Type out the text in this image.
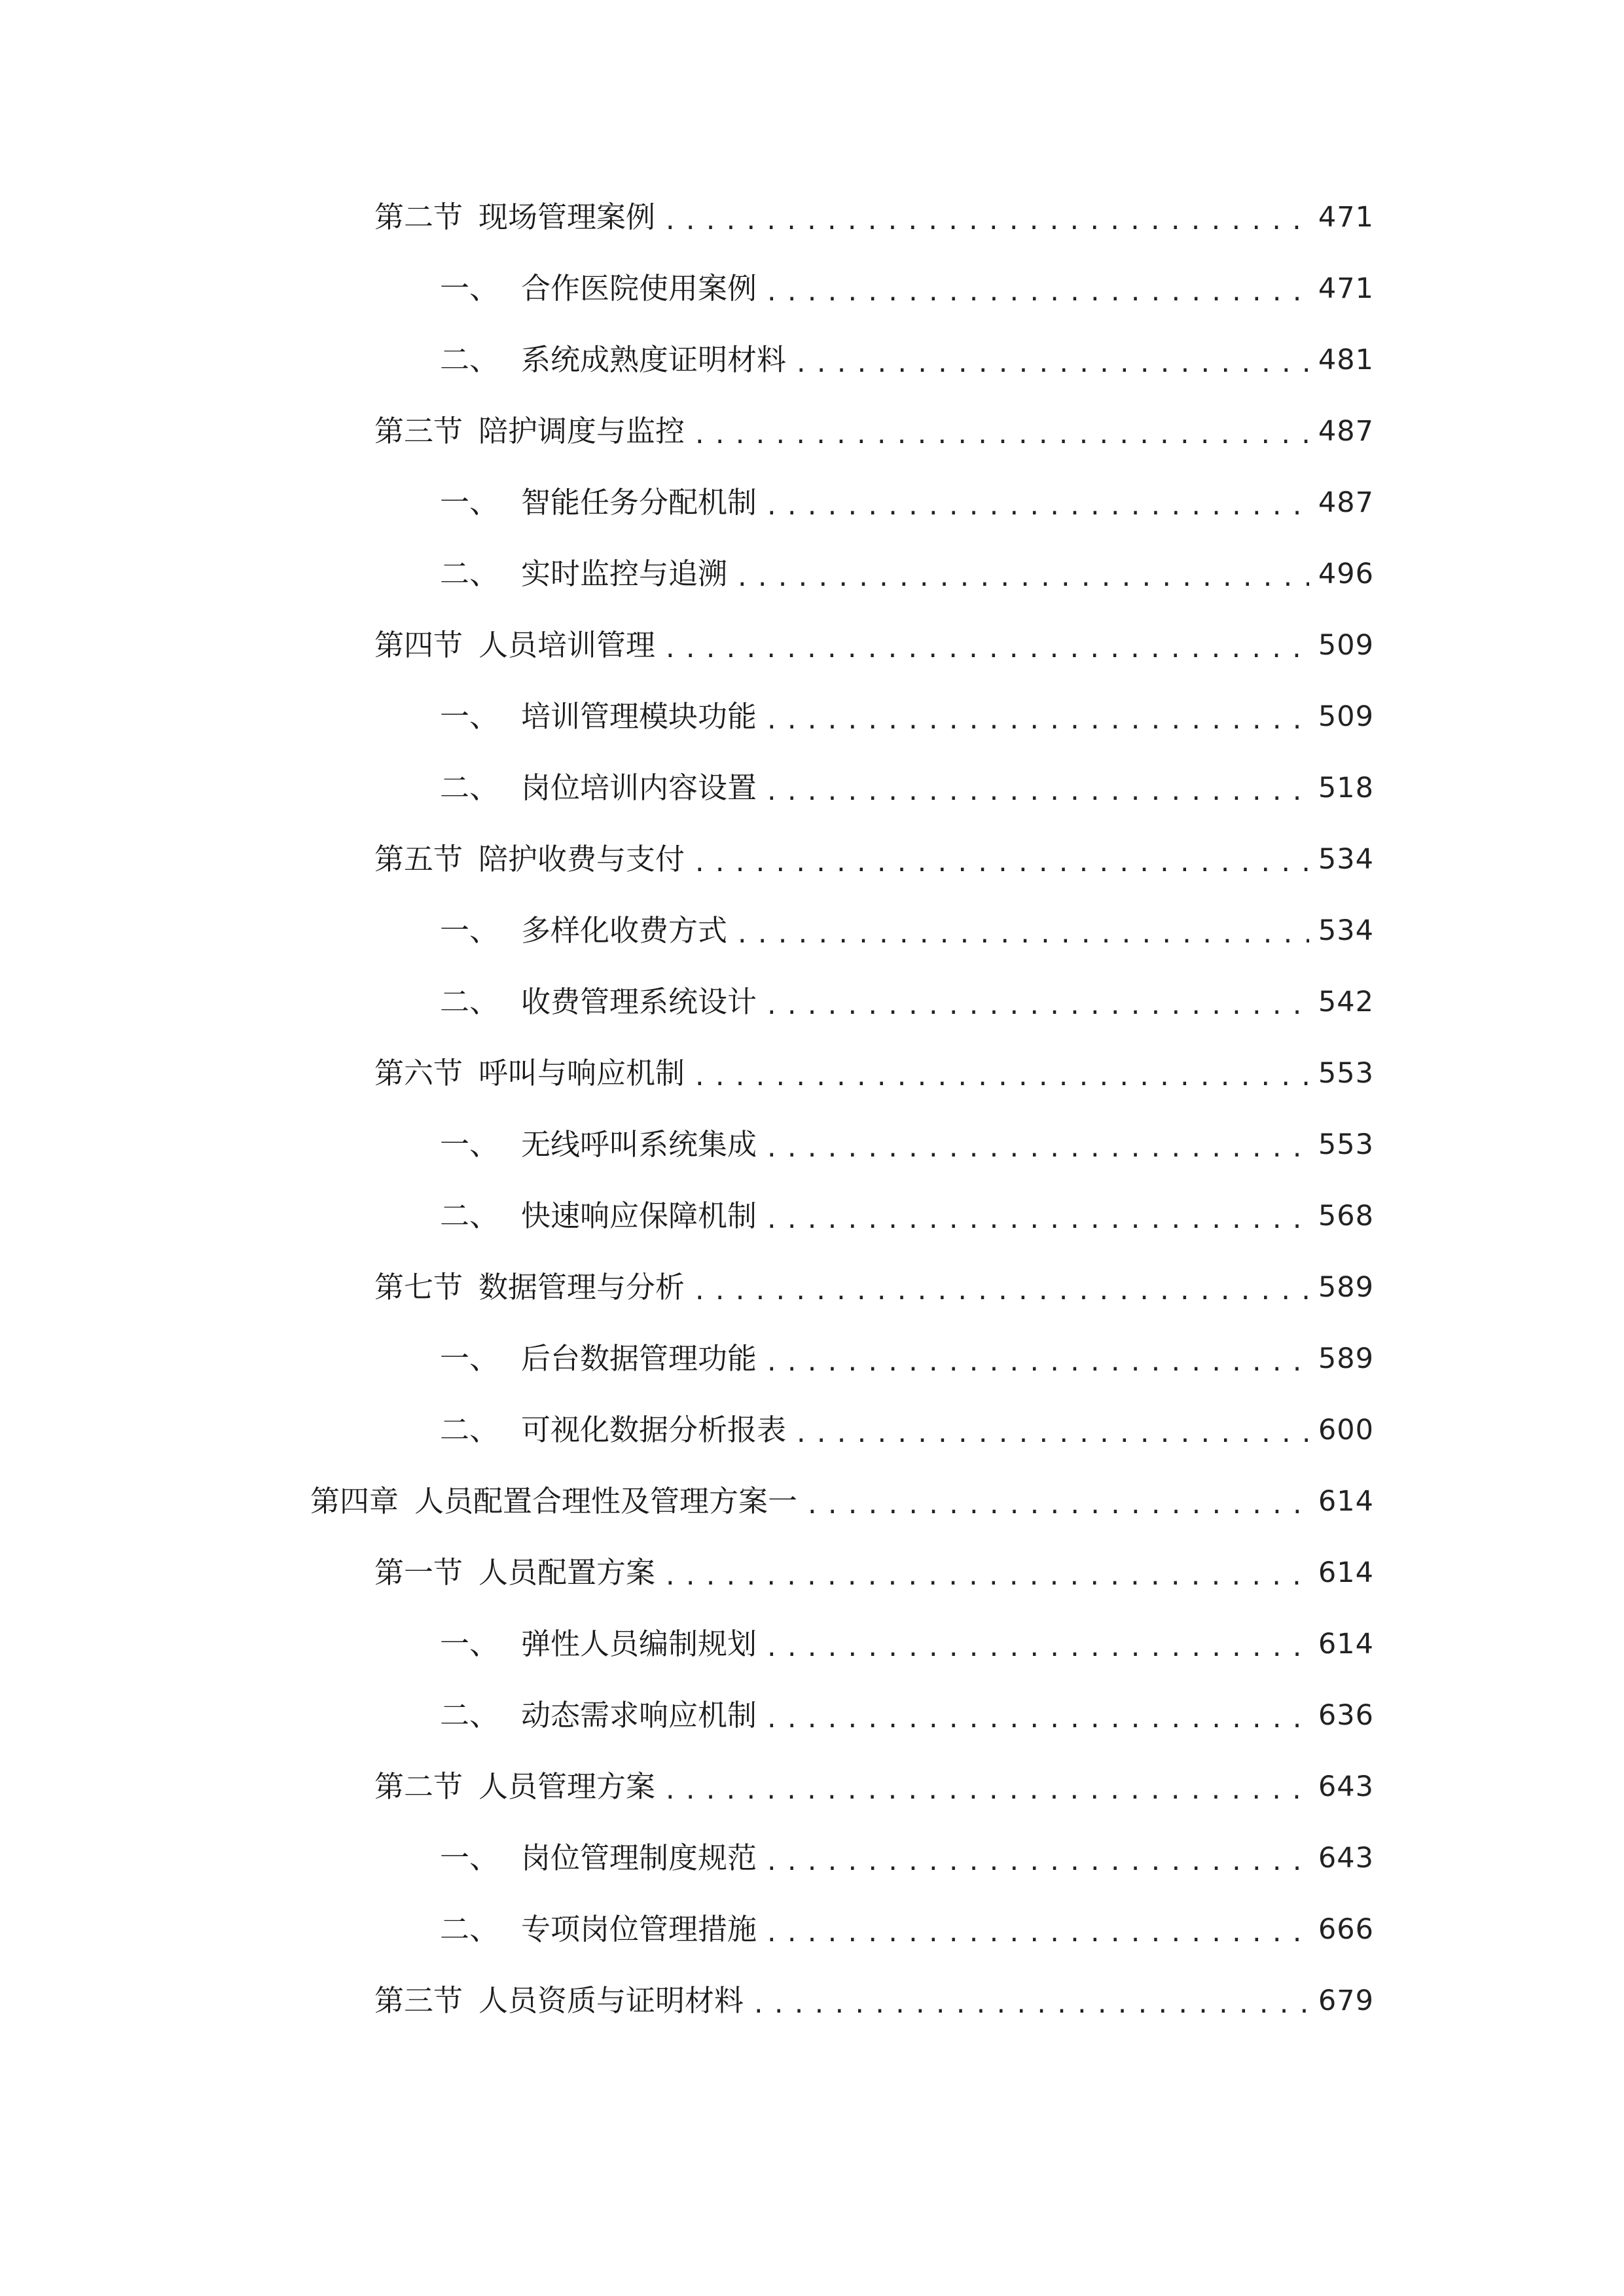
第二节 现场管理案例 .....	471
一、 合作医院使用案例 .....	471
二、 系统成熟度证明材料 .....	481
第三节 陪护调度与监控 .....	487
一、 智能任务分配机制 .....	487
二、 实时监控与追溯 .....	496
第四节 人员培训管理 .....	509
一、 培训管理模块功能 .....	509
二、 岗位培训内容设置 .....	518
第五节 陪护收费与支付 .....	534
一、 多样化收费方式 .....	534
二、 收费管理系统设计 .....	542
第六节 呼叫与响应机制 .....	553
一、 无线呼叫系统集成 .....	553
二、 快速响应保障机制 .....	568
第七节 数据管理与分析 .....	589
一、 后台数据管理功能 .....	589
二、 可视化数据分析报表 .....	600
第四章 人员配置合理性及管理方案一 .....	614
第一节 人员配置方案 .....	614
一、 弹性人员编制规划 .....	614
二、 动态需求响应机制 .....	636
第二节 人员管理方案 .....	643
一、 岗位管理制度规范 .....	643
二、 专项岗位管理措施 .....	666
第三节 人员资质与证明材料 .....	679
